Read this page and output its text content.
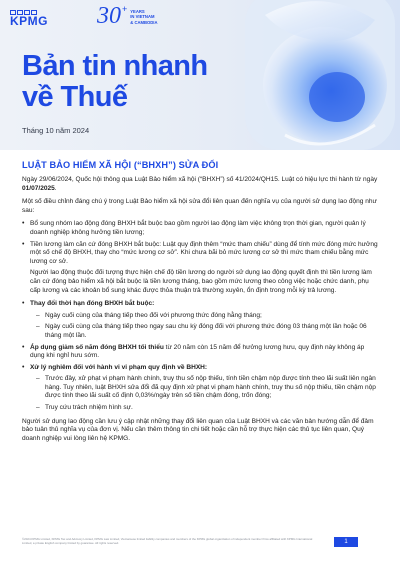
KPMG 30 + YEARS
IN VIETNAM
& CAMBODIA
Bản tin nhanh
về Thuế
Tháng 10 năm 2024
LUẬT BẢO HIỂM XÃ HỘI (“BHXH”) SỬA ĐỔI

Ngày 29/06/2024, Quốc hội thông qua Luật Bảo hiểm xã hội (“BHXH”) số 41/2024/QH15. Luật có hiệu lực thi hành từ ngày 01/07/2025.

Một số điều chỉnh đáng chú ý trong Luật Bảo hiểm xã hội sửa đổi liên quan đến nghĩa vụ của người sử dụng lao động như sau:

• Bổ sung nhóm lao động đóng BHXH bắt buộc bao gồm người lao động làm việc không trọn thời gian, người quản lý doanh nghiệp không hưởng tiền lương;
• Tiền lương làm căn cứ đóng BHXH bắt buộc: Luật quy định thêm “mức tham chiếu” dùng để tính mức đóng mức hưởng một số chế độ BHXH, thay cho “mức lương cơ sở”. Khi chưa bãi bỏ mức lương cơ sở thì mức tham chiếu bằng mức lương cơ sở.

Người lao động thuộc đối tượng thực hiện chế độ tiền lương do người sử dụng lao động quyết định thì tiền lương làm căn cứ đóng bảo hiểm xã hội bắt buộc là tiền lương tháng, bao gồm mức lương theo công việc hoặc chức danh, phụ cấp lương và các khoản bổ sung khác được thỏa thuận trả thường xuyên, ổn định trong mỗi kỳ trả lương.

• Thay đổi thời hạn đóng BHXH bắt buộc:
– Ngày cuối cùng của tháng tiếp theo đối với phương thức đóng hằng tháng;
– Ngày cuối cùng của tháng tiếp theo ngay sau chu kỳ đóng đối với phương thức đóng 03 tháng một lần hoặc 06 tháng một lần.
• Áp dụng giảm số năm đóng BHXH tối thiểu từ 20 năm còn 15 năm để hưởng lương hưu, quy định này không áp dụng khi nghỉ hưu sớm.
• Xử lý nghiêm đối với hành vi vi phạm quy định về BHXH:
– Trước đây, xử phạt vi phạm hành chính, truy thu số nộp thiếu, tính tiền chậm nộp được tính theo lãi suất liên ngân hàng. Tuy nhiên, luật BHXH sửa đổi đã quy định xử phạt vi phạm hành chính, truy thu số nộp thiếu, tiền chậm nộp được tính theo lãi suất cố định 0,03%/ngày trên số tiền chậm đóng, trốn đóng;
– Truy cứu trách nhiệm hình sự.

Người sử dụng lao động cần lưu ý cập nhật những thay đổi liên quan của Luật BHXH và các văn bản hướng dẫn để đảm bảo tuân thủ nghĩa vụ của đơn vị. Nếu cần thêm thông tin chi tiết hoặc cần hỗ trợ thực hiện các thủ tục liên quan, Quý doanh nghiệp vui lòng liên hệ KPMG.

©2024 KPMG Limited, KPMG Tax and Advisory Limited, KPMG Law Limited, Vietnamese limited liability companies and members of the KPMG global organization of independent member firms affiliated with KPMG International Limited, a private English company limited by guarantee. All rights reserved.	1
